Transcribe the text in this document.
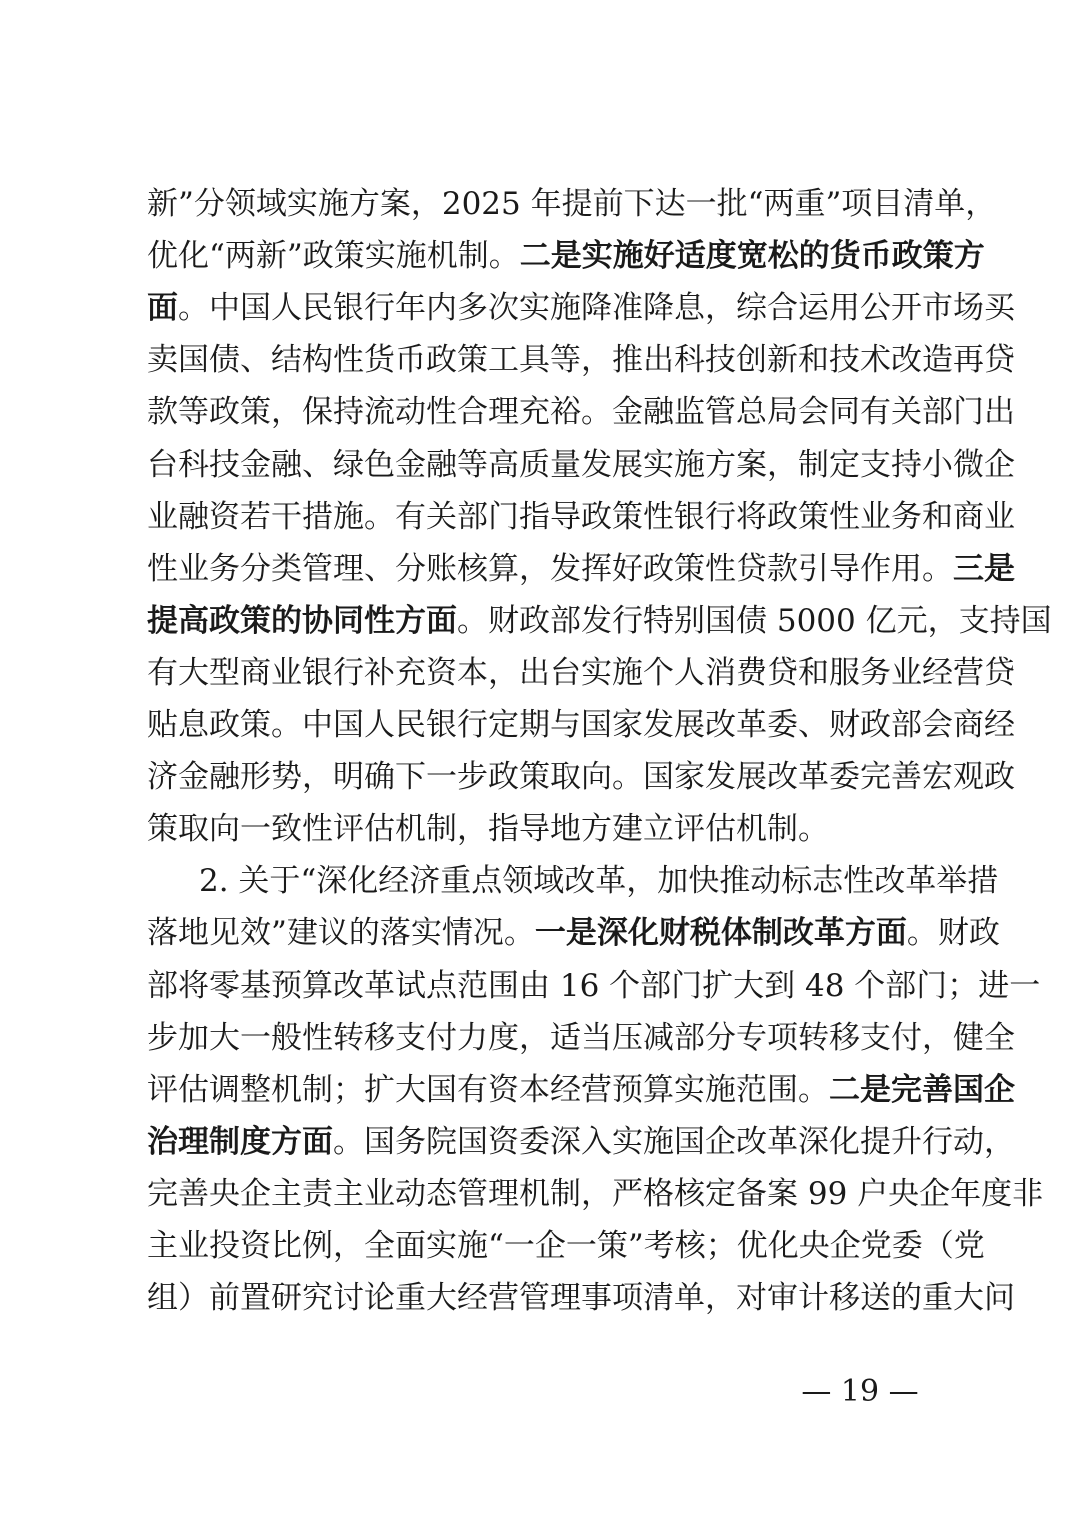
新”分领域实施方案，2025 年提前下达一批“两重”项目清单，
优化“两新”政策实施机制。二是实施好适度宽松的货币政策方
面。中国人民银行年内多次实施降准降息，综合运用公开市场买
卖国债、结构性货币政策工具等，推出科技创新和技术改造再贷
款等政策，保持流动性合理充裕。金融监管总局会同有关部门出
台科技金融、绿色金融等高质量发展实施方案，制定支持小微企
业融资若干措施。有关部门指导政策性银行将政策性业务和商业
性业务分类管理、分账核算，发挥好政策性贷款引导作用。三是
提高政策的协同性方面。财政部发行特别国债 5000 亿元，支持国
有大型商业银行补充资本，出台实施个人消费贷和服务业经营贷
贴息政策。中国人民银行定期与国家发展改革委、财政部会商经
济金融形势，明确下一步政策取向。国家发展改革委完善宏观政
策取向一致性评估机制，指导地方建立评估机制。
2. 关于“深化经济重点领域改革，加快推动标志性改革举措
落地见效”建议的落实情况。一是深化财税体制改革方面。财政
部将零基预算改革试点范围由 16 个部门扩大到 48 个部门；进一
步加大一般性转移支付力度，适当压减部分专项转移支付，健全
评估调整机制；扩大国有资本经营预算实施范围。二是完善国企
治理制度方面。国务院国资委深入实施国企改革深化提升行动，
完善央企主责主业动态管理机制，严格核定备案 99 户央企年度非
主业投资比例，全面实施“一企一策”考核；优化央企党委（党
组）前置研究讨论重大经营管理事项清单，对审计移送的重大问
— 19 —
